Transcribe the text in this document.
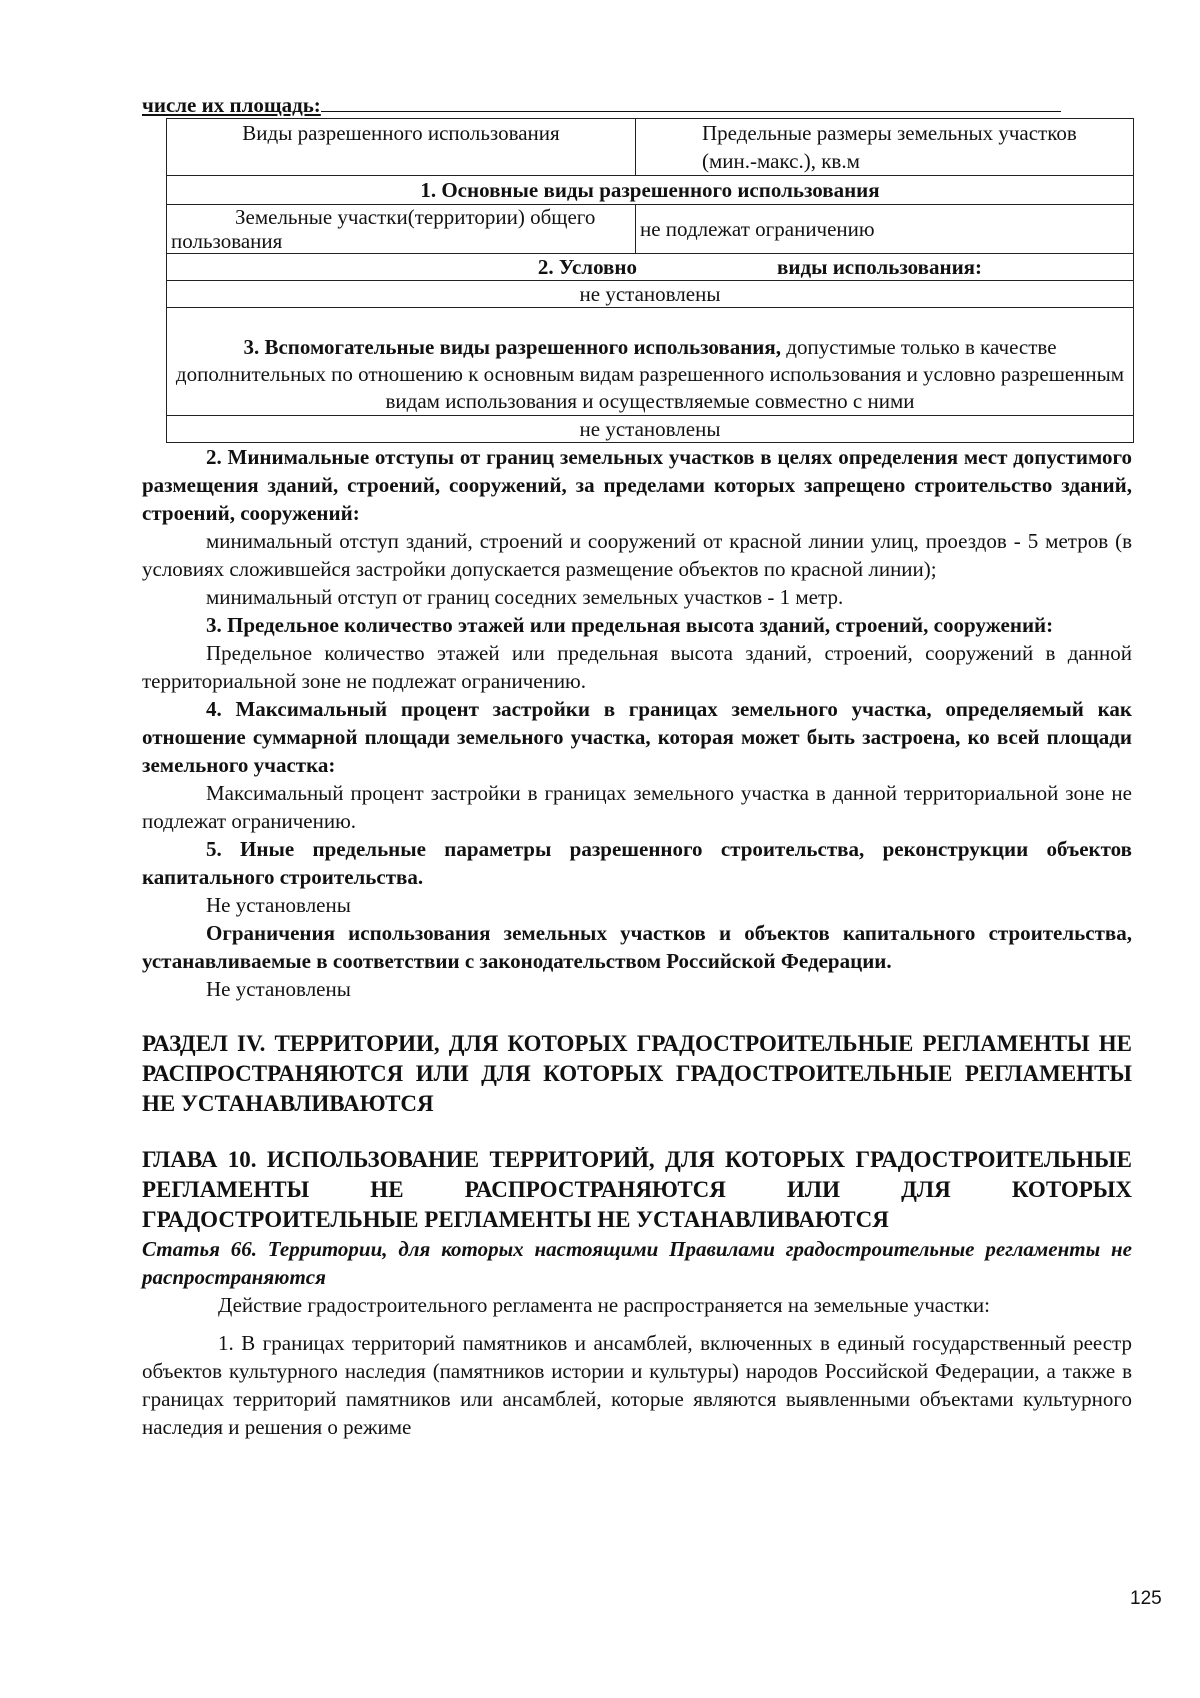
числе их площадь:
Виды разрешенного использования	Предельные размеры земельных участков (мин.-макс.), кв.м
1. Основные виды разрешенного использования	
Земельные участки(территории) общего пользования	не подлежат ограничению
2. Условно виды использования:	
не установлены	
3. Вспомогательные виды разрешенного использования, допустимые только в качестве дополнительных по отношению к основным видам разрешенного использования и условно разрешенным видам использования и осуществляемые совместно с ними	
не установлены	

2. Минимальные отступы от границ земельных участков в целях определения мест допустимого размещения зданий, строений, сооружений, за пределами которых запрещено строительство зданий, строений, сооружений:

минимальный отступ зданий, строений и сооружений от красной линии улиц, проездов - 5 метров (в условиях сложившейся застройки допускается размещение объектов по красной линии);

минимальный отступ от границ соседних земельных участков - 1 метр.

3. Предельное количество этажей или предельная высота зданий, строений, сооружений:

Предельное количество этажей или предельная высота зданий, строений, сооружений в данной территориальной зоне не подлежат ограничению.

4. Максимальный процент застройки в границах земельного участка, определяемый как отношение суммарной площади земельного участка, которая может быть застроена, ко всей площади земельного участка:

Максимальный процент застройки в границах земельного участка в данной территориальной зоне не подлежат ограничению.

5. Иные предельные параметры разрешенного строительства, реконструкции объектов капитального строительства.

Не установлены

Ограничения использования земельных участков и объектов капитального строительства, устанавливаемые в соответствии с законодательством Российской Федерации.

Не установлены

РАЗДЕЛ IV. ТЕРРИТОРИИ, ДЛЯ КОТОРЫХ ГРАДОСТРОИТЕЛЬНЫЕ РЕГЛАМЕНТЫ НЕ РАСПРОСТРАНЯЮТСЯ ИЛИ ДЛЯ КОТОРЫХ ГРАДОСТРОИТЕЛЬНЫЕ РЕГЛАМЕНТЫ НЕ УСТАНАВЛИВАЮТСЯ
ГЛАВА 10. ИСПОЛЬЗОВАНИЕ ТЕРРИТОРИЙ, ДЛЯ КОТОРЫХ ГРАДОСТРОИТЕЛЬНЫЕ РЕГЛАМЕНТЫ НЕ РАСПРОСТРАНЯЮТСЯ ИЛИ ДЛЯ КОТОРЫХ ГРАДОСТРОИТЕЛЬНЫЕ РЕГЛАМЕНТЫ НЕ УСТАНАВЛИВАЮТСЯ

Статья 66. Территории, для которых настоящими Правилами градостроительные регламенты не распространяются

Действие градостроительного регламента не распространяется на земельные участки:

1. В границах территорий памятников и ансамблей, включенных в единый государственный реестр объектов культурного наследия (памятников истории и культуры) народов Российской Федерации, а также в границах территорий памятников или ансамблей, которые являются выявленными объектами культурного наследия и решения о режиме

125
